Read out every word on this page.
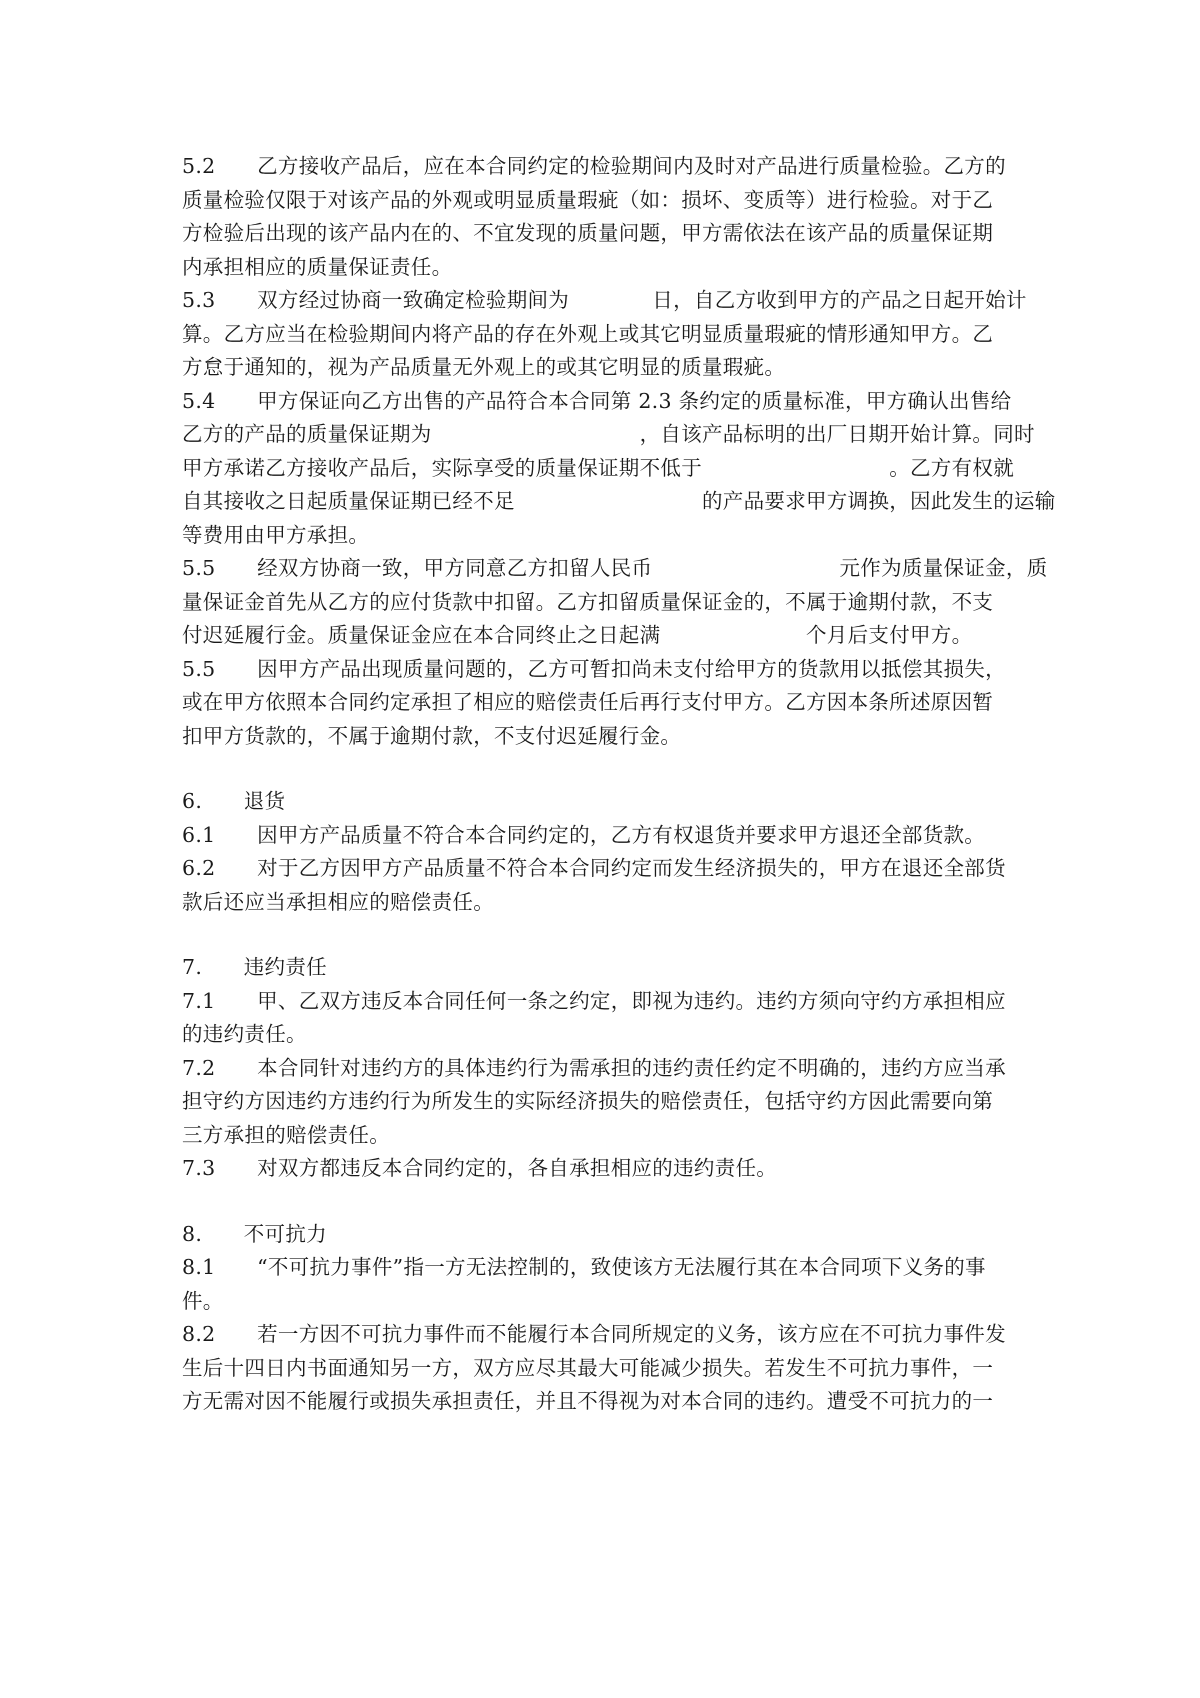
5.2　　乙方接收产品后，应在本合同约定的检验期间内及时对产品进行质量检验。乙方的
质量检验仅限于对该产品的外观或明显质量瑕疵（如：损坏、变质等）进行检验。对于乙
方检验后出现的该产品内在的、不宜发现的质量问题，甲方需依法在该产品的质量保证期
内承担相应的质量保证责任。
5.3　　双方经过协商一致确定检验期间为　　　　日，自乙方收到甲方的产品之日起开始计
算。乙方应当在检验期间内将产品的存在外观上或其它明显质量瑕疵的情形通知甲方。乙
方怠于通知的，视为产品质量无外观上的或其它明显的质量瑕疵。
5.4　　甲方保证向乙方出售的产品符合本合同第 2.3 条约定的质量标准，甲方确认出售给
乙方的产品的质量保证期为　　　　　　　　　　，自该产品标明的出厂日期开始计算。同时
甲方承诺乙方接收产品后，实际享受的质量保证期不低于　　　　　　　　　。乙方有权就
自其接收之日起质量保证期已经不足　　　　　　　　　的产品要求甲方调换，因此发生的运输
等费用由甲方承担。
5.5　　经双方协商一致，甲方同意乙方扣留人民币　　　　　　　　　元作为质量保证金，质
量保证金首先从乙方的应付货款中扣留。乙方扣留质量保证金的，不属于逾期付款，不支
付迟延履行金。质量保证金应在本合同终止之日起满　　　　　　　个月后支付甲方。
5.5　　因甲方产品出现质量问题的，乙方可暂扣尚未支付给甲方的货款用以抵偿其损失，
或在甲方依照本合同约定承担了相应的赔偿责任后再行支付甲方。乙方因本条所述原因暂
扣甲方货款的，不属于逾期付款，不支付迟延履行金。
6.　　退货
6.1　　因甲方产品质量不符合本合同约定的，乙方有权退货并要求甲方退还全部货款。
6.2　　对于乙方因甲方产品质量不符合本合同约定而发生经济损失的，甲方在退还全部货
款后还应当承担相应的赔偿责任。
7.　　违约责任
7.1　　甲、乙双方违反本合同任何一条之约定，即视为违约。违约方须向守约方承担相应
的违约责任。
7.2　　本合同针对违约方的具体违约行为需承担的违约责任约定不明确的，违约方应当承
担守约方因违约方违约行为所发生的实际经济损失的赔偿责任，包括守约方因此需要向第
三方承担的赔偿责任。
7.3　　对双方都违反本合同约定的，各自承担相应的违约责任。
8.　　不可抗力
8.1　　“不可抗力事件”指一方无法控制的，致使该方无法履行其在本合同项下义务的事
件。
8.2　　若一方因不可抗力事件而不能履行本合同所规定的义务，该方应在不可抗力事件发
生后十四日内书面通知另一方，双方应尽其最大可能减少损失。若发生不可抗力事件，一
方无需对因不能履行或损失承担责任，并且不得视为对本合同的违约。遭受不可抗力的一
